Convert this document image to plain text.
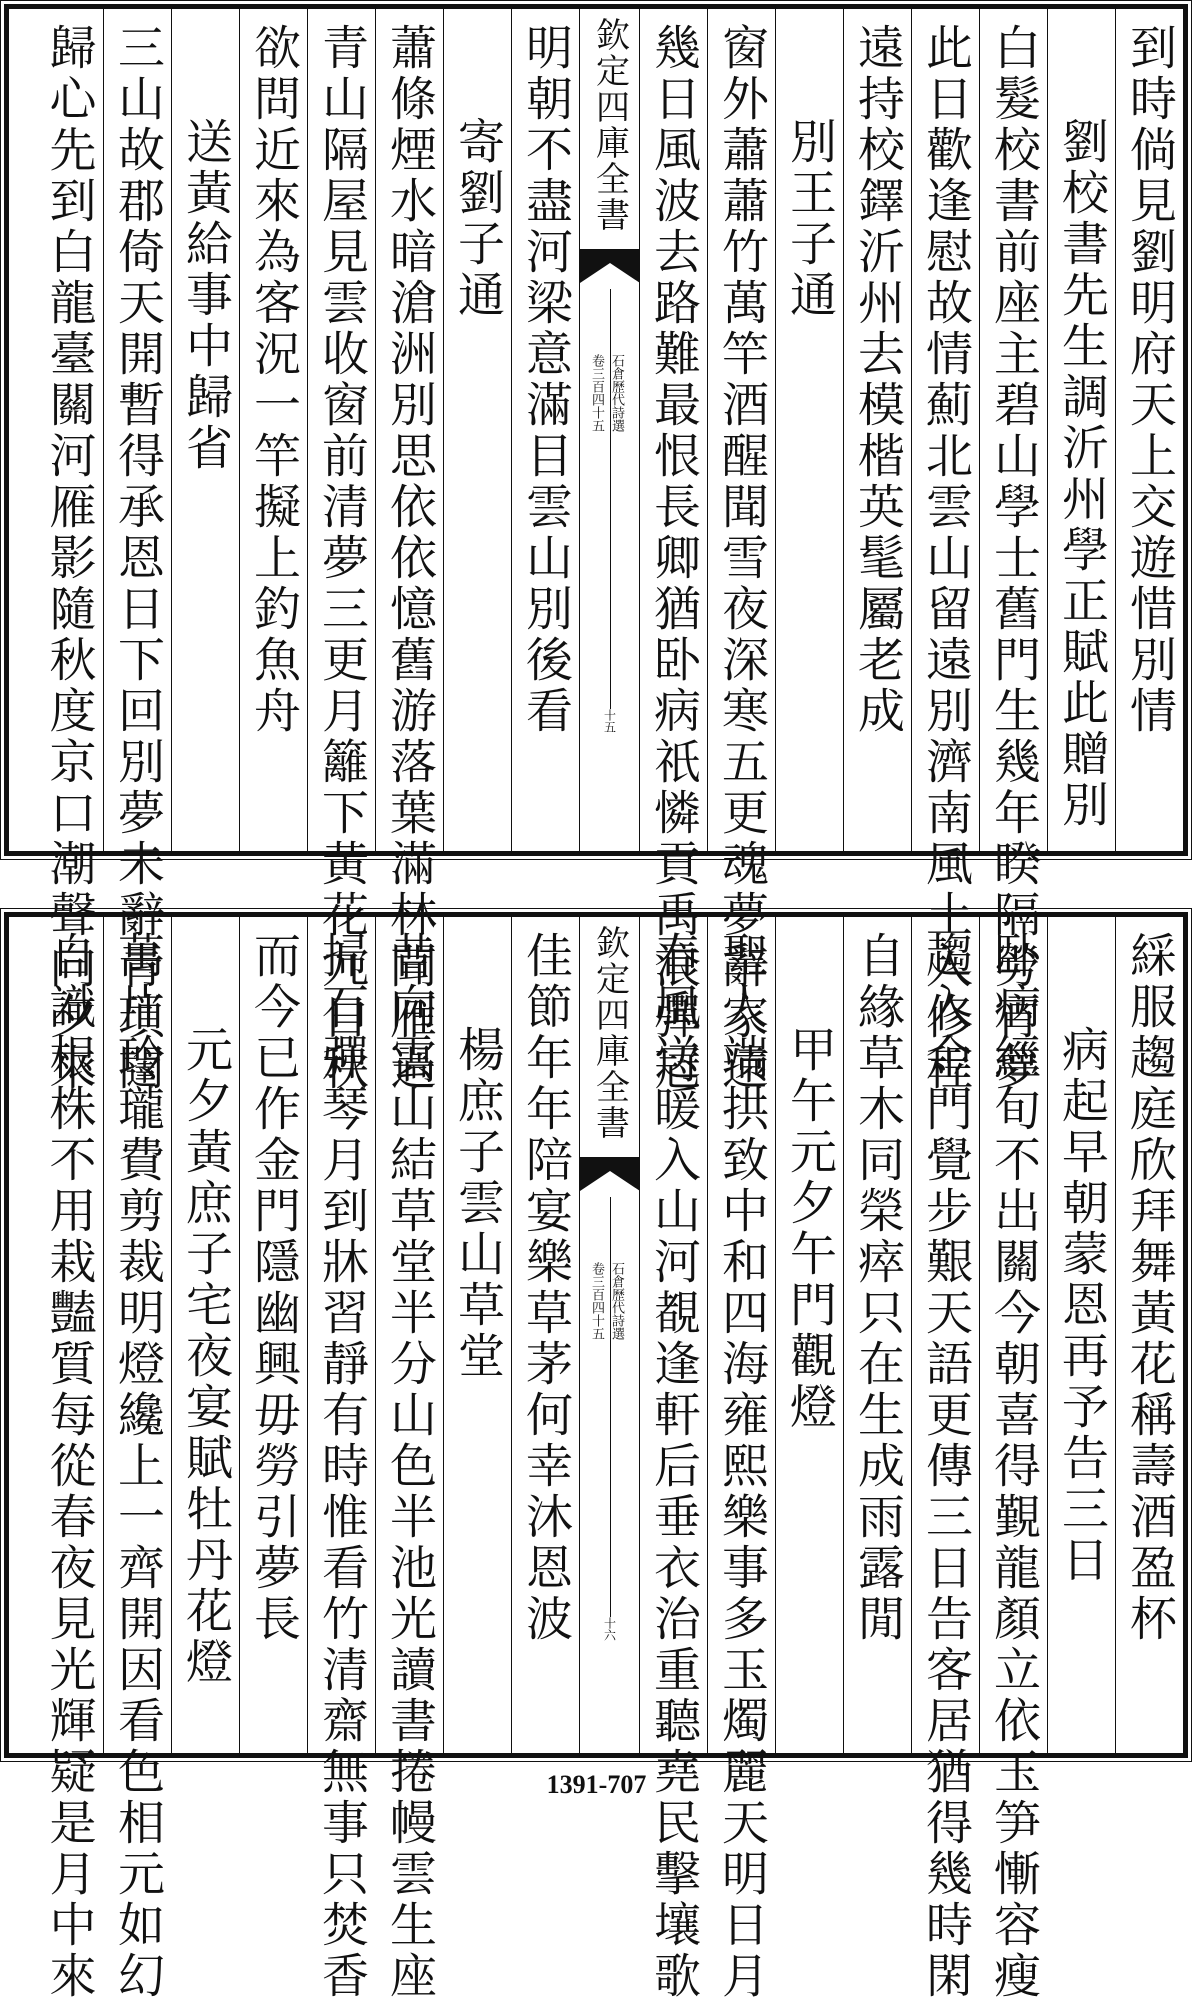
到時倘見劉明府天上交遊惜別情
劉校書先生調沂州學正賦此贈別
白髮校書前座主碧山學士舊門生幾年睽隔勞宵夢
此日歡逢慰故情薊北雲山留遠別濟南風土入修程
遠持校鐸沂州去模楷英髦屬老成
別王子通
窗外蕭蕭竹萬竿酒醒聞雪夜深寒五更魂夢辭家遠
幾日風波去路難最恨長卿猶卧病祇憐貢禹浪彈冠
欽定四庫全書
石倉歷代詩選
卷三百四十五
十五
明朝不盡河梁意滿目雲山別後看
寄劉子通
蕭條煙水暗滄洲別思依依憶舊游落葉滿林聞雁過
青山隔屋見雲收窗前清夢三更月籬下黃花九日秋
欲問近來為客況一竿擬上釣魚舟
送黃給事中歸省
三山故郡倚天開暫得承恩日下回別夢未辭青瑣闥
歸心先到白龍臺關河雁影隨秋度京口潮聲向夕來
綵服趨庭欣拜舞黃花稱壽酒盈杯
病起早朝蒙恩再予告三日
卧病經旬不出關今朝喜得覲龍顏立依玉笋慚容瘦
趨入金門覺步艱天語更傳三日告客居猶得幾時閑
自緣草木同榮瘁只在生成雨露閒
甲午元夕午門觀燈
聖人端拱致中和四海雍熙樂事多玉燭麗天明日月
春風送暖入山河覩逢軒后垂衣治重聽堯民擊壤歌
欽定四庫全書
石倉歷代詩選
卷三百四十五
十六
佳節年年陪宴樂草茅何幸沐恩波
楊庶子雲山草堂
昔向雲山結草堂半分山色半池光讀書捲幔雲生座
掃石彈琴月到牀習靜有時惟看竹清齋無事只焚香
而今已作金門隱幽興毋勞引夢長
元夕黃庶子宅夜宴賦牡丹花燈
萬片玲瓏費剪裁明燈纔上一齊開因看色相元如幻
自識根株不用栽豔質每從春夜見光輝疑是月中來	1391-707
